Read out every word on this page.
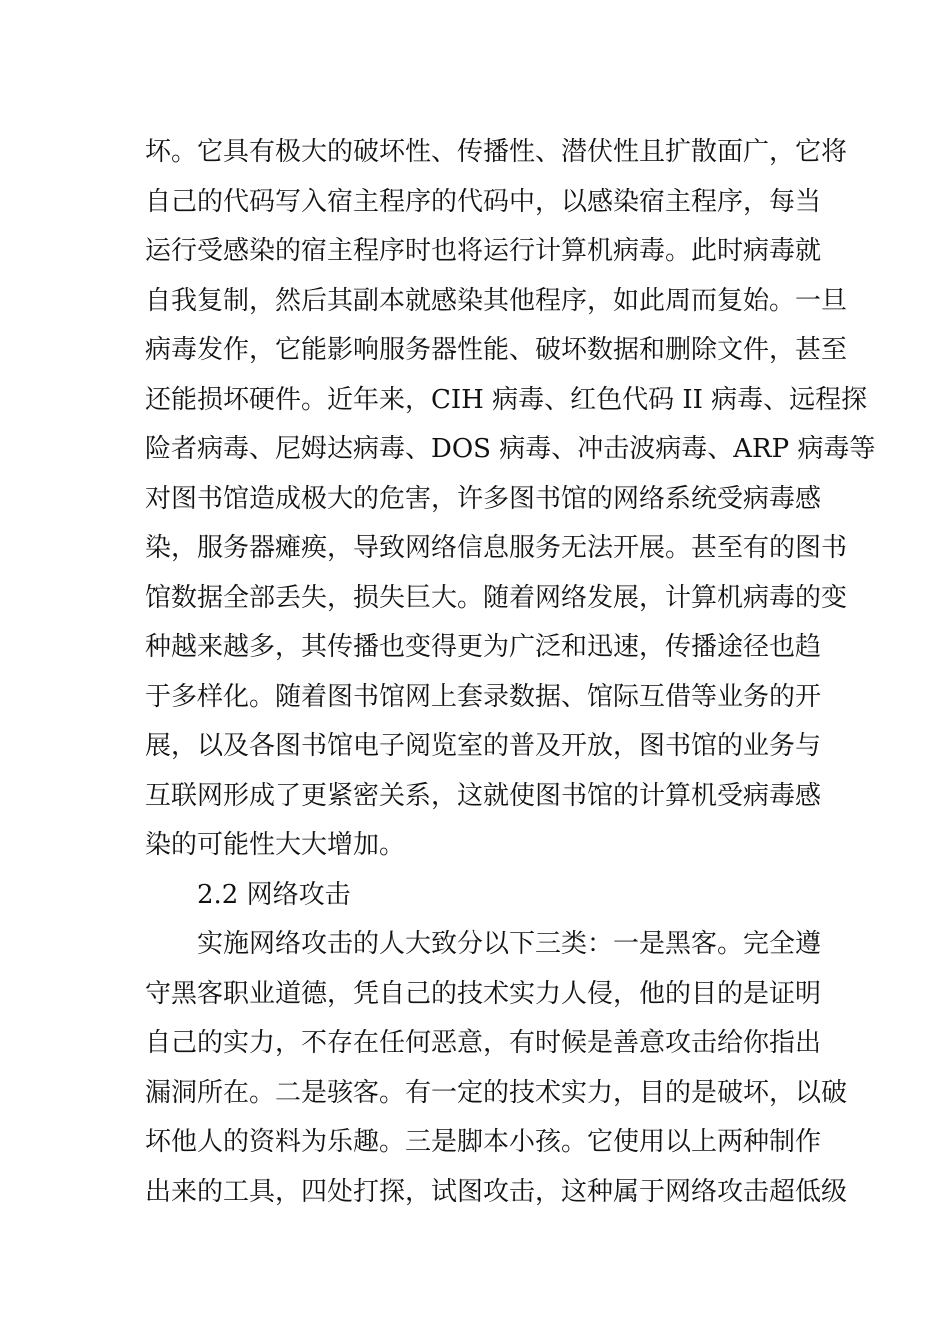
坏。它具有极大的破坏性、传播性、潜伏性且扩散面广，它将
自己的代码写入宿主程序的代码中，以感染宿主程序，每当
运行受感染的宿主程序时也将运行计算机病毒。此时病毒就
自我复制，然后其副本就感染其他程序，如此周而复始。一旦
病毒发作，它能影响服务器性能、破坏数据和删除文件，甚至
还能损坏硬件。近年来，CIH 病毒、红色代码 II 病毒、远程探
险者病毒、尼姆达病毒、DOS 病毒、冲击波病毒、ARP 病毒等
对图书馆造成极大的危害，许多图书馆的网络系统受病毒感
染，服务器瘫痪，导致网络信息服务无法开展。甚至有的图书
馆数据全部丢失，损失巨大。随着网络发展，计算机病毒的变
种越来越多，其传播也变得更为广泛和迅速，传播途径也趋
于多样化。随着图书馆网上套录数据、馆际互借等业务的开
展，以及各图书馆电子阅览室的普及开放，图书馆的业务与
互联网形成了更紧密关系，这就使图书馆的计算机受病毒感
染的可能性大大增加。
2.2 网络攻击
实施网络攻击的人大致分以下三类：一是黑客。完全遵
守黑客职业道德，凭自己的技术实力人侵，他的目的是证明
自己的实力，不存在任何恶意，有时候是善意攻击给你指出
漏洞所在。二是骇客。有一定的技术实力，目的是破坏，以破
坏他人的资料为乐趣。三是脚本小孩。它使用以上两种制作
出来的工具，四处打探，试图攻击，这种属于网络攻击超低级
